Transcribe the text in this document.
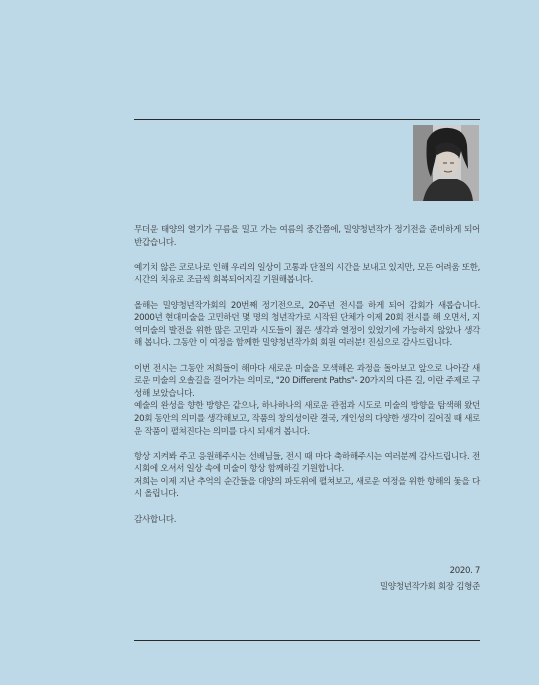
무더운 태양의 열기가 구름을 밀고 가는 여름의 중간쯤에, 밀양청년작가 정기전을 준비하게 되어 반갑습니다.

예기치 않은 코로나로 인해 우리의 일상이 고통과 단절의 시간을 보내고 있지만, 모든 어려움 또한, 시간의 치유로 조금씩 회복되어지길 기원해봅니다.

올해는 밀양청년작가회의 20번째 정기전으로, 20주년 전시를 하게 되어 감회가 새롭습니다. 2000년 현대미술을 고민하던 몇 명의 청년작가로 시작된 단체가 이제 20회 전시를 해 오면서, 지역미술의 발전을 위한 많은 고민과 시도들이 젊은 생각과 열정이 있었기에 가능하지 않았나 생각해 봅니다. 그동안 이 여정을 함께한 밀양청년작가회 회원 여러분! 진심으로 감사드립니다.

이번 전시는 그동안 저희들이 해마다 새로운 미술을 모색해온 과정을 돌아보고 앞으로 나아갈 새로운 미술의 오솔길을 걸어가는 의미로, "20 Different Paths"- 20가지의 다른 길, 이란 주제로 구성해 보았습니다.

예술의 완성을 향한 방향은 같으나, 하나하나의 새로운 관점과 시도로 미술의 방향을 탐색해 왔던 20회 동안의 의미를 생각해보고, 작품의 창의성이란 결국, 개인성의 다양한 생각이 길어질 때 새로운 작품이 펼쳐진다는 의미를 다시 되새겨 봅니다.

항상 지켜봐 주고 응원해주시는 선배님들, 전시 때 마다 축하해주시는 여러분께 감사드립니다. 전시회에 오셔서 일상 속에 미술이 항상 함께하길 기원합니다.

저희는 이제 지난 추억의 순간들을 대양의 파도위에 펼쳐보고, 새로운 여정을 위한 항해의 돛을 다시 올립니다.

감사합니다.

2020. 7
밀양청년작가회 회장 김형준
